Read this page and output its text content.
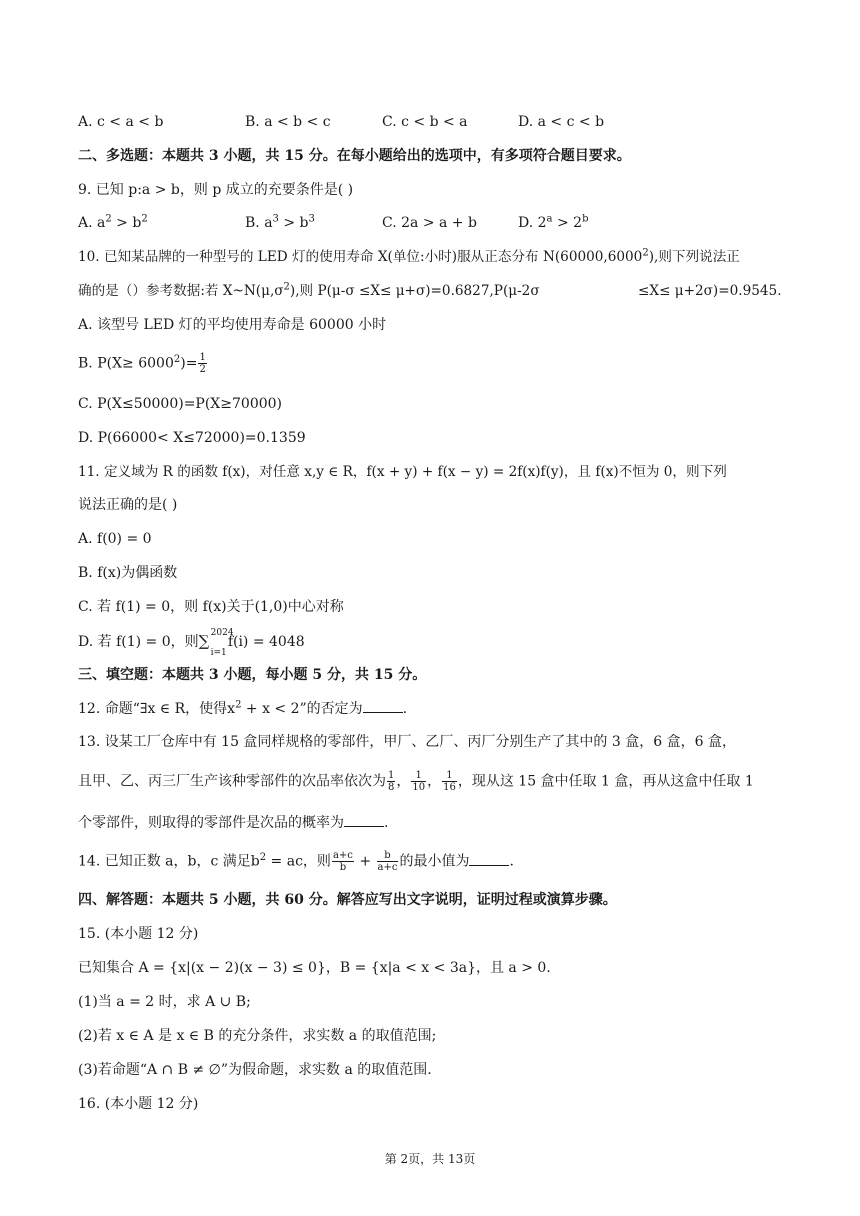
A. c < a < b	B. a < b < c	C. c < b < a	D. a < c < b
二、多选题：本题共 3 小题，共 15 分。在每小题给出的选项中，有多项符合题目要求。
9. 已知 p:a > b，则 p 成立的充要条件是( )
A. $a^2 > b^2$	B. $a^3 > b^3$	C. 2a > a + b	D. $2^a > 2^b$
10. 已知某品牌的一种型号的 LED 灯的使用寿命 X(单位:小时)服从正态分布 N(60000,6000$^2$),则下列说法正
确的是（）参考数据:若 $X\sim N(\mu,\sigma^2)$,则 P(μ-σ ≤X≤ μ+σ)=0.6827,P(μ-2σ	≤X≤ μ+2σ)=0.9545.
A. 该型号 LED 灯的平均使用寿命是 60000 小时
B. $P(X\ge 6000^2)= \frac{1}{2}$
C. P(X≤50000)=P(X≥70000)
D. P(66000< X≤72000)=0.1359
11. 定义域为 R 的函数 f(x)，对任意 x,y ∈ R，f(x + y) + f(x − y) = 2f(x)f(y)，且 f(x)不恒为 0，则下列
说法正确的是( )
A. f(0) = 0
B. f(x)为偶函数
C. 若 f(1) = 0，则 f(x)关于(1,0)中心对称
D. 若 f(1) = 0，则∑ 2024
i=1
f(i) = 4048
三、填空题：本题共 3 小题，每小题 5 分，共 15 分。
12. 命题“∃x ∈ R，使得$x^2 + x < 2$”的否定为	.
13. 设某工厂仓库中有 15 盒同样规格的零部件，甲厂、乙厂、丙厂分别生产了其中的 3 盒，6 盒，6 盒，
且甲、乙、丙三厂生产该种零部件的次品率依次为 $\frac{1}{8}$ ， $\frac{1}{10}$ ， $\frac{1}{16}$ ，现从这 15 盒中任取 1 盒，再从这盒中任取 1
个零部件，则取得的零部件是次品的概率为	.
14. 已知正数 a，b，c 满足$b^2$ = ac，则 $\frac{a+c}{b} + \frac{b}{a+c}$ 的最小值为	.
四、解答题：本题共 5 小题，共 60 分。解答应写出文字说明，证明过程或演算步骤。
15. (本小题 12 分)
已知集合 A = {x|(x − 2)(x − 3) ≤ 0}，B = {x|a < x < 3a}，且 a > 0.
(1)当 a = 2 时，求 A ∪ B;
(2)若 x ∈ A 是 x ∈ B 的充分条件，求实数 a 的取值范围;
(3)若命题“A ∩ B ≠ ∅”为假命题，求实数 a 的取值范围.
16. (本小题 12 分)
第 2页，共 13页
